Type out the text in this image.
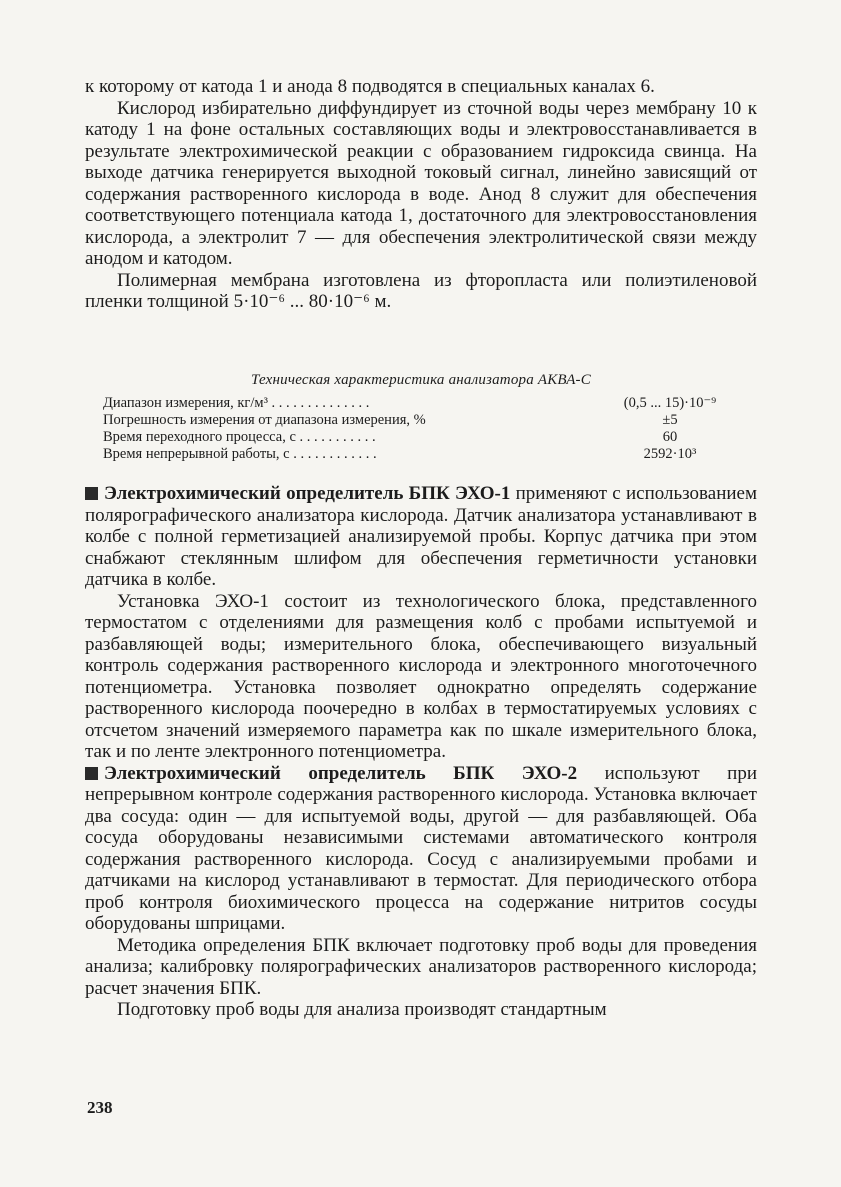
к которому от катода 1 и анода 8 подводятся в специальных каналах 6.

Кислород избирательно диффундирует из сточной воды через мембрану 10 к катоду 1 на фоне остальных составляющих воды и электровосстанавливается в результате электрохимической реакции с образованием гидроксида свинца. На выходе датчика генерируется выходной токовый сигнал, линейно зависящий от содержания растворенного кислорода в воде. Анод 8 служит для обеспечения соответствующего потенциала катода 1, достаточного для электровосстановления кислорода, а электролит 7 — для обеспечения электролитической связи между анодом и катодом.

Полимерная мембрана изготовлена из фторопласта или полиэтиленовой пленки толщиной 5·10⁻⁶ ... 80·10⁻⁶ м.

Техническая характеристика анализатора АКВА-С
Диапазон измерения, кг/м³ . . . . . . . . . . . . . .	(0,5 ... 15)·10⁻⁹
Погрешность измерения от диапазона измерения, %	±5
Время переходного процесса, с . . . . . . . . . . .	60
Время непрерывной работы, с . . . . . . . . . . . .	2592·10³

Электрохимический определитель БПК ЭХО-1 применяют с использованием полярографического анализатора кислорода. Датчик анализатора устанавливают в колбе с полной герметизацией анализируемой пробы. Корпус датчика при этом снабжают стеклянным шлифом для обеспечения герметичности установки датчика в колбе.

Установка ЭХО-1 состоит из технологического блока, представленного термостатом с отделениями для размещения колб с пробами испытуемой и разбавляющей воды; измерительного блока, обеспечивающего визуальный контроль содержания растворенного кислорода и электронного многоточечного потенциометра. Установка позволяет однократно определять содержание растворенного кислорода поочередно в колбах в термостатируемых условиях с отсчетом значений измеряемого параметра как по шкале измерительного блока, так и по ленте электронного потенциометра.

Электрохимический определитель БПК ЭХО-2 используют при непрерывном контроле содержания растворенного кислорода. Установка включает два сосуда: один — для испытуемой воды, другой — для разбавляющей. Оба сосуда оборудованы независимыми системами автоматического контроля содержания растворенного кислорода. Сосуд с анализируемыми пробами и датчиками на кислород устанавливают в термостат. Для периодического отбора проб контроля биохимического процесса на содержание нитритов сосуды оборудованы шприцами.

Методика определения БПК включает подготовку проб воды для проведения анализа; калибровку полярографических анализаторов растворенного кислорода; расчет значения БПК.

Подготовку проб воды для анализа производят стандартным

238
